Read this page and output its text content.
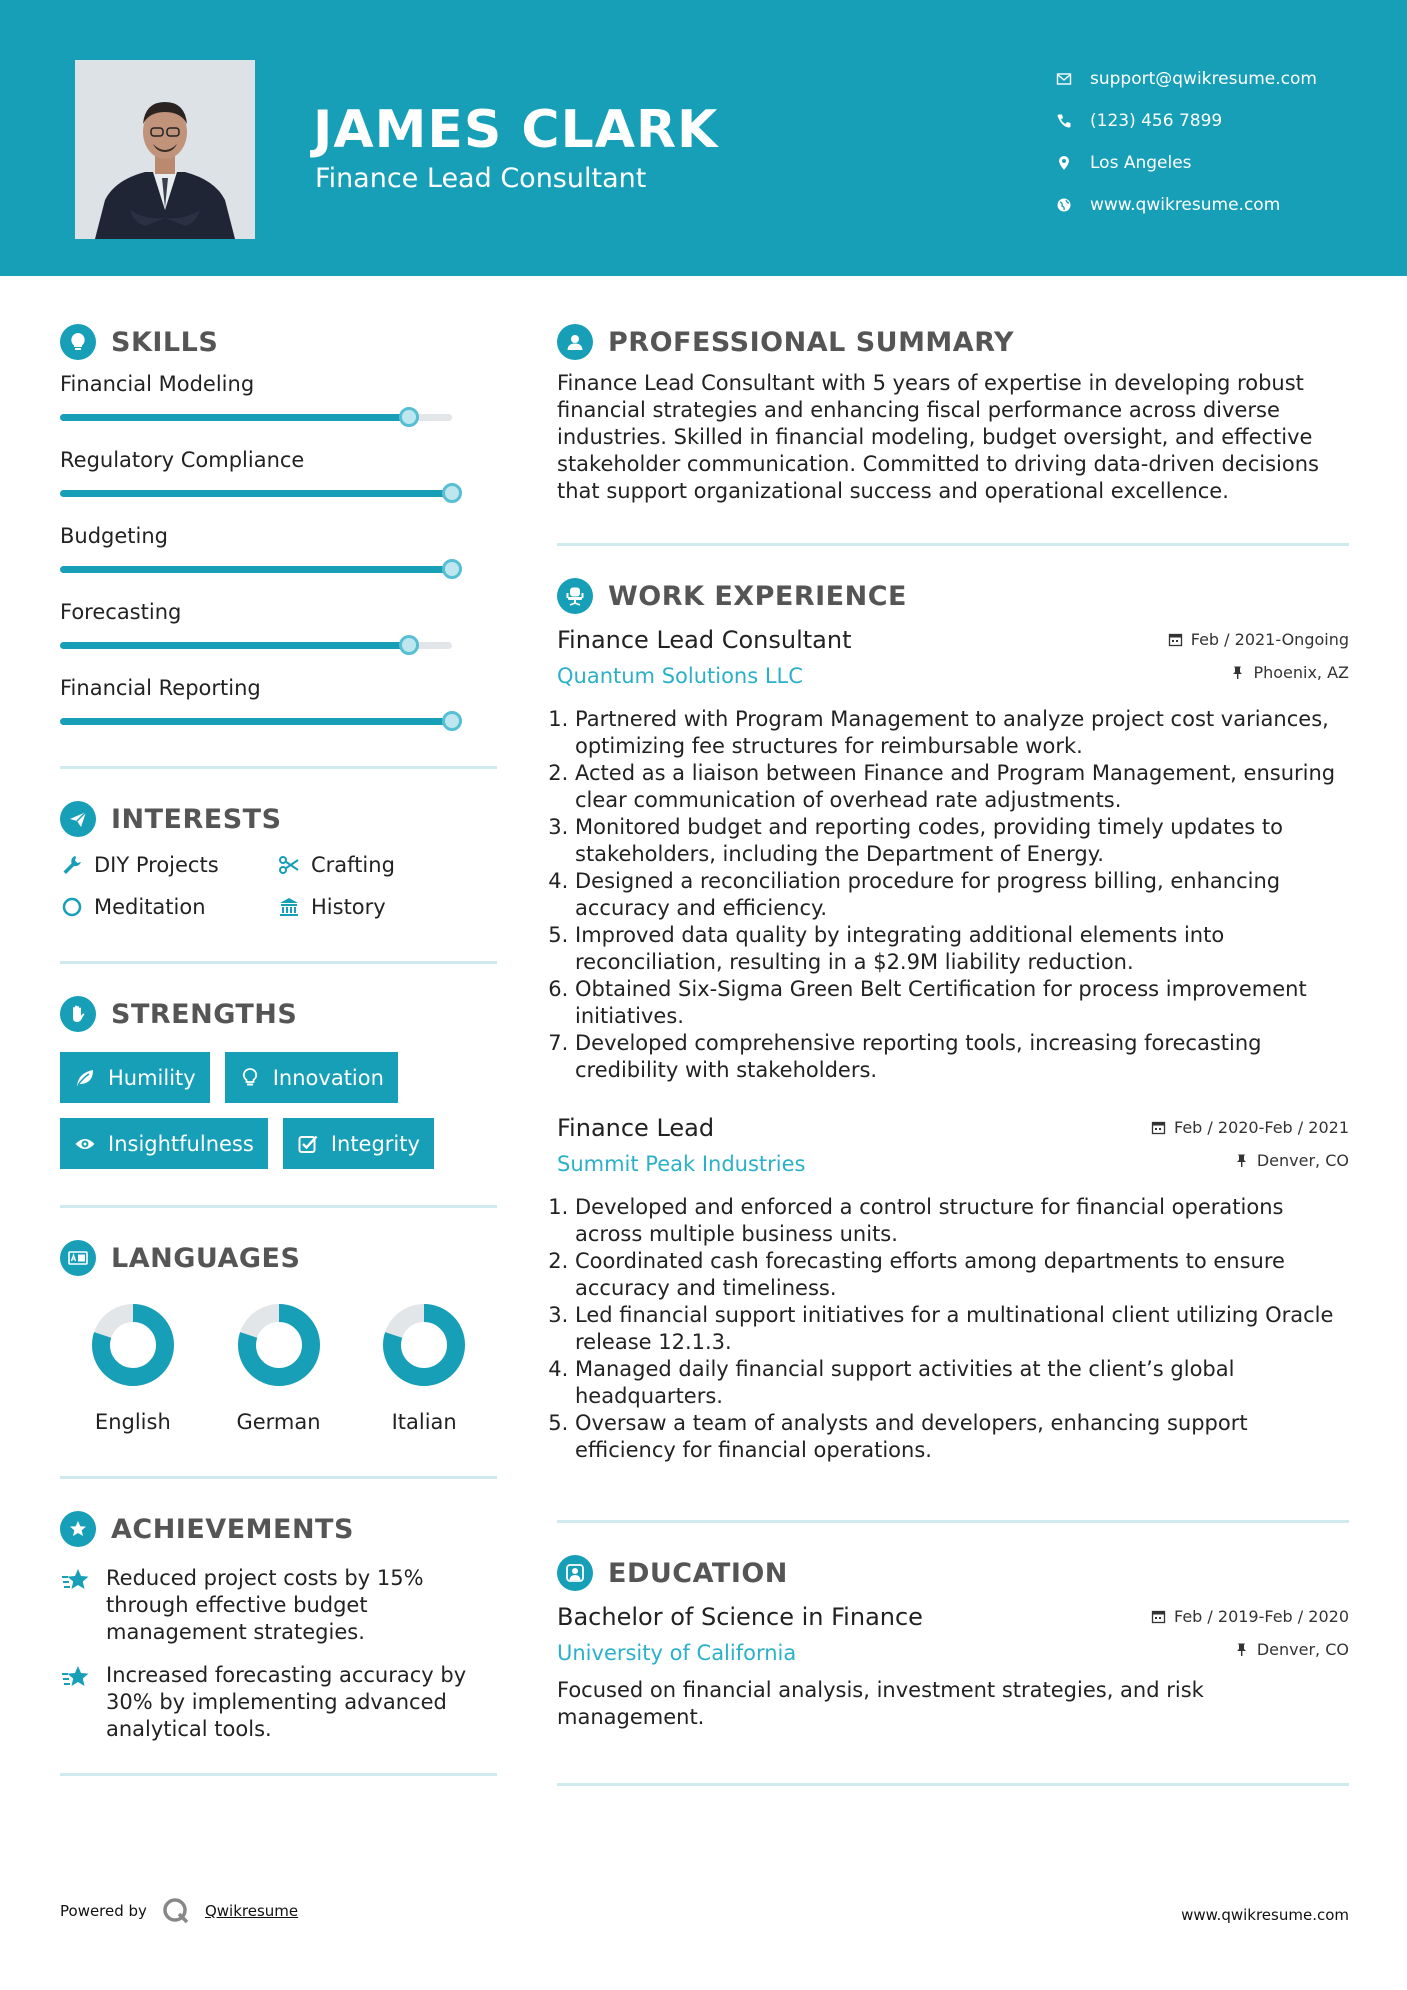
JAMES CLARK
Finance Lead Consultant
support@qwikresume.com
(123) 456 7899
Los Angeles
www.qwikresume.com
SKILLS
Financial Modeling
Regulatory Compliance
Budgeting
Forecasting
Financial Reporting
INTERESTS
DIY Projects	Crafting
Meditation	History
STRENGTHS
Humility	Innovation
Insightfulness	Integrity
LANGUAGES
English	German	Italian
ACHIEVEMENTS
Reduced project costs by 15% through effective budget management strategies.
Increased forecasting accuracy by 30% by implementing advanced analytical tools.
PROFESSIONAL SUMMARY
Finance Lead Consultant with 5 years of expertise in developing robust financial strategies and enhancing fiscal performance across diverse industries. Skilled in financial modeling, budget oversight, and effective stakeholder communication. Committed to driving data-driven decisions that support organizational success and operational excellence.
WORK EXPERIENCE
Feb / 2021-Ongoing
Phoenix, AZ
Finance Lead Consultant
Quantum Solutions LLC
1. Partnered with Program Management to analyze project cost variances, optimizing fee structures for reimbursable work.
2. Acted as a liaison between Finance and Program Management, ensuring clear communication of overhead rate adjustments.
3. Monitored budget and reporting codes, providing timely updates to stakeholders, including the Department of Energy.
4. Designed a reconciliation procedure for progress billing, enhancing accuracy and efficiency.
5. Improved data quality by integrating additional elements into reconciliation, resulting in a $2.9M liability reduction.
6. Obtained Six-Sigma Green Belt Certification for process improvement initiatives.
7. Developed comprehensive reporting tools, increasing forecasting credibility with stakeholders.
Feb / 2020-Feb / 2021
Denver, CO
Finance Lead
Summit Peak Industries
1. Developed and enforced a control structure for financial operations across multiple business units.
2. Coordinated cash forecasting efforts among departments to ensure accuracy and timeliness.
3. Led financial support initiatives for a multinational client utilizing Oracle release 12.1.3.
4. Managed daily financial support activities at the client’s global headquarters.
5. Oversaw a team of analysts and developers, enhancing support efficiency for financial operations.
EDUCATION
Feb / 2019-Feb / 2020
Denver, CO
Bachelor of Science in Finance
University of California
Focused on financial analysis, investment strategies, and risk management.
Powered by	Qwikresume	www.qwikresume.com
